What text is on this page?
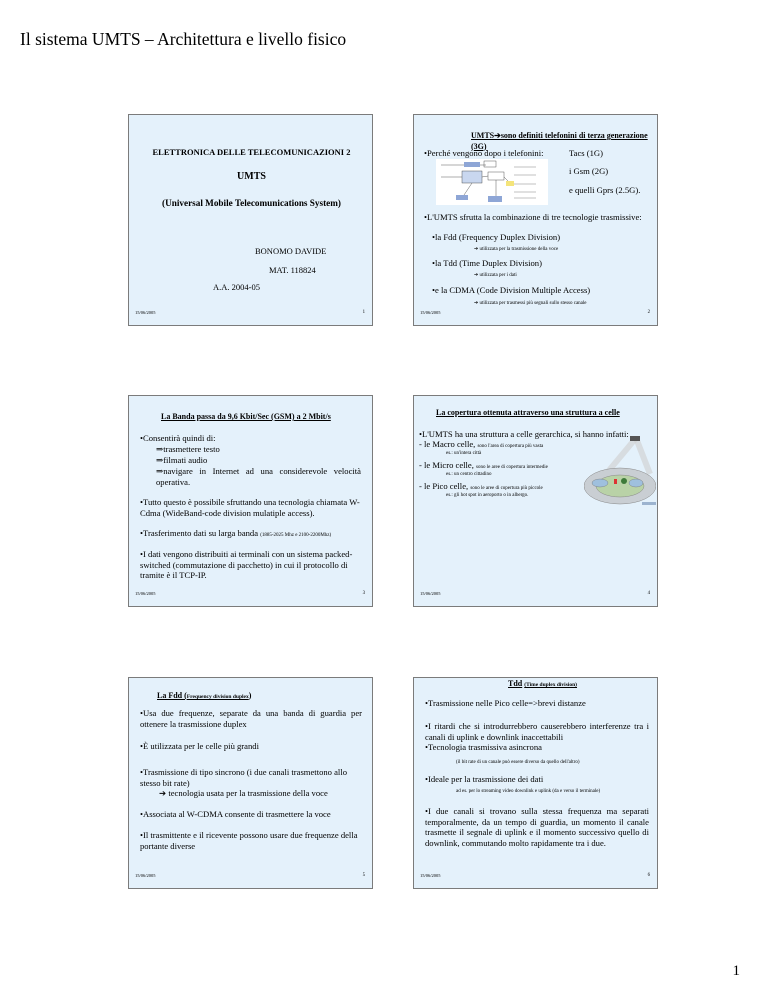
Il sistema UMTS – Architettura e livello fisico
ELETTRONICA DELLE TELECOMUNICAZIONI 2
UMTS
(Universal Mobile Telecomunications System)
BONOMO DAVIDE
MAT. 118824
A.A. 2004-05
15/06/2005	1
UMTS➔sono definiti telefonini di terza generazione (3G)
•Perché vengono dopo i telefonini:	Tacs (1G)
i Gsm (2G)
e quelli Gprs (2.5G).
•L'UMTS sfrutta la combinazione di tre tecnologie trasmissive:
•la Fdd (Frequency Duplex Division)
➔ utilizzata per la trasmissione della voce
•la Tdd (Time Duplex Division)
➔ utilizzata per i dati
•e la CDMA (Code Division Multiple Access)
➔ utilizzata per trasmessi più segnali sullo stesso canale
15/06/2005	2
La Banda passa da 9,6 Kbit/Sec (GSM) a 2 Mbit/s
•Consentirà quindi di:
⇒trasmettere testo
⇒filmati audio
⇒navigare in Internet ad una considerevole velocità operativa.
•Tutto questo è possibile sfruttando una tecnologia chiamata W-Cdma (WideBand-code division mulatiple access).
•Trasferimento dati su larga banda (1885-2025 Mhz e 2100-2200Mhz)
•I dati vengono distribuiti ai terminali con un sistema packed-switched (commutazione di pacchetto) in cui il protocollo di tramite è il TCP-IP.
15/06/2005	3
La copertura ottenuta attraverso una struttura a celle
•L'UMTS ha una struttura a celle gerarchica, si hanno infatti:
- le Macro celle, sono l'area di copertura più vasta
es.: un'intera città
- le Micro celle, sono le aree di copertura intermedie
es.: un centro cittadino
- le Pico celle, sono le aree di copertura più piccole
es.: gli hot spot in aeroporto o in albergo.
15/06/2005	4
La Fdd (Frequency division duplex)
•Usa due frequenze, separate da una banda di guardia per ottenere la trasmissione duplex
•È utilizzata per le celle più grandi
•Trasmissione di tipo sincrono (i due canali trasmettono allo stesso bit rate)
➔ tecnologia usata per la trasmissione della voce
•Associata al W-CDMA consente di trasmettere la voce
•Il trasmittente e il ricevente possono usare due frequenze della portante diverse
15/06/2005	5
Tdd (Time duplex division)
•Trasmissione nelle Pico celle=>brevi distanze
•I ritardi che si introdurrebbero causerebbero interferenze tra i canali di uplink e downlink inaccettabili
•Tecnologia trasmissiva asincrona
(il bit rate di un canale può essere diverso da quello dell'altro)
•Ideale per la trasmissione dei dati
ad es. per lo streaming video downlink e uplink (da e verso il terminale)
•I due canali si trovano sulla stessa frequenza ma separati temporalmente, da un tempo di guardia, un momento il canale trasmette il segnale di uplink e il momento successivo quello di downlink, commutando molto rapidamente tra i due.
15/06/2005	6
1
